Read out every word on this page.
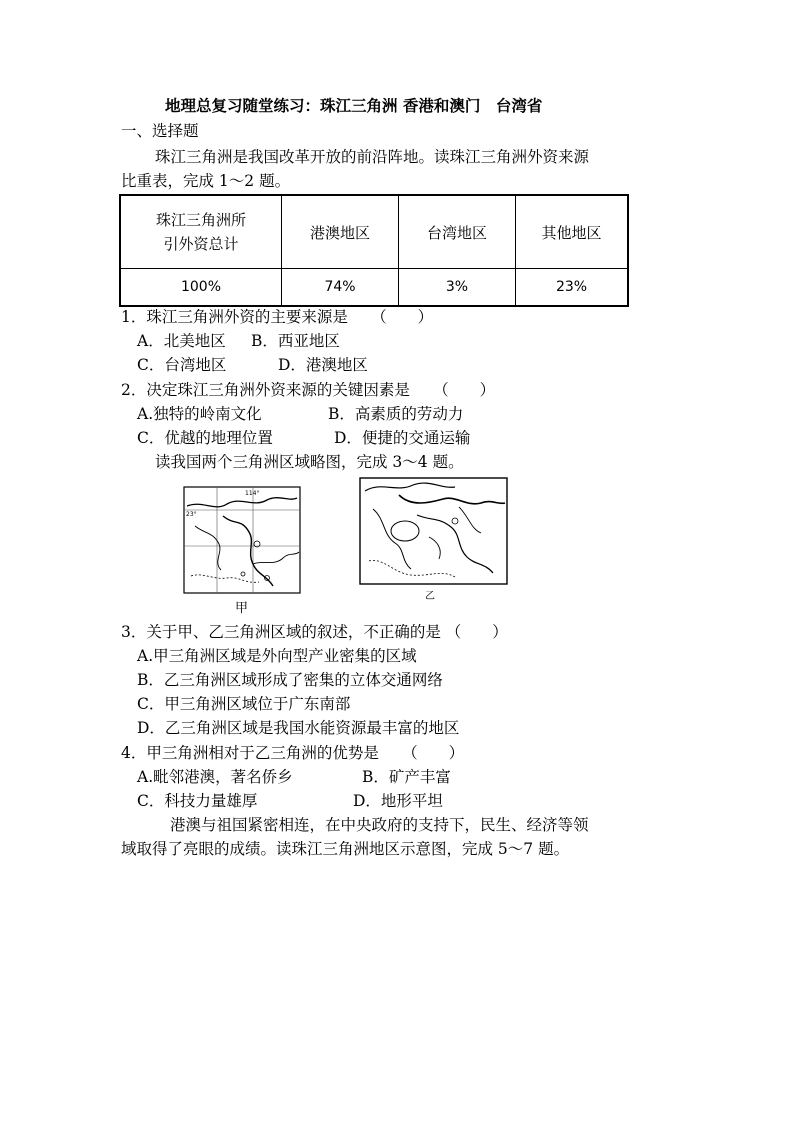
地理总复习随堂练习：珠江三角洲 香港和澳门　台湾省
一、选择题
珠江三角洲是我国改革开放的前沿阵地。读珠江三角洲外资来源
比重表，完成 1～2 题。
珠江三角洲所
引外资总计	港澳地区	台湾地区	其他地区
100%	74%	3%	23%
1．珠江三角洲外资的主要来源是　　（　　）
A．北美地区 B．西亚地区
C．台湾地区	D．港澳地区
2．决定珠江三角洲外资来源的关键因素是　　（　　）
A.独特的岭南文化	B．高素质的劳动力
C．优越的地理位置	D．便捷的交通运输
读我国两个三角洲区域略图，完成 3～4 题。
114°
23°
甲
乙
3．关于甲、乙三角洲区域的叙述，不正确的是 （　　）
A.甲三角洲区域是外向型产业密集的区域
B．乙三角洲区域形成了密集的立体交通网络
C．甲三角洲区域位于广东南部
D．乙三角洲区域是我国水能资源最丰富的地区
4．甲三角洲相对于乙三角洲的优势是　　（　　）
A.毗邻港澳，著名侨乡	B．矿产丰富
C．科技力量雄厚	D．地形平坦
港澳与祖国紧密相连，在中央政府的支持下，民生、经济等领
域取得了亮眼的成绩。读珠江三角洲地区示意图，完成 5～7 题。
